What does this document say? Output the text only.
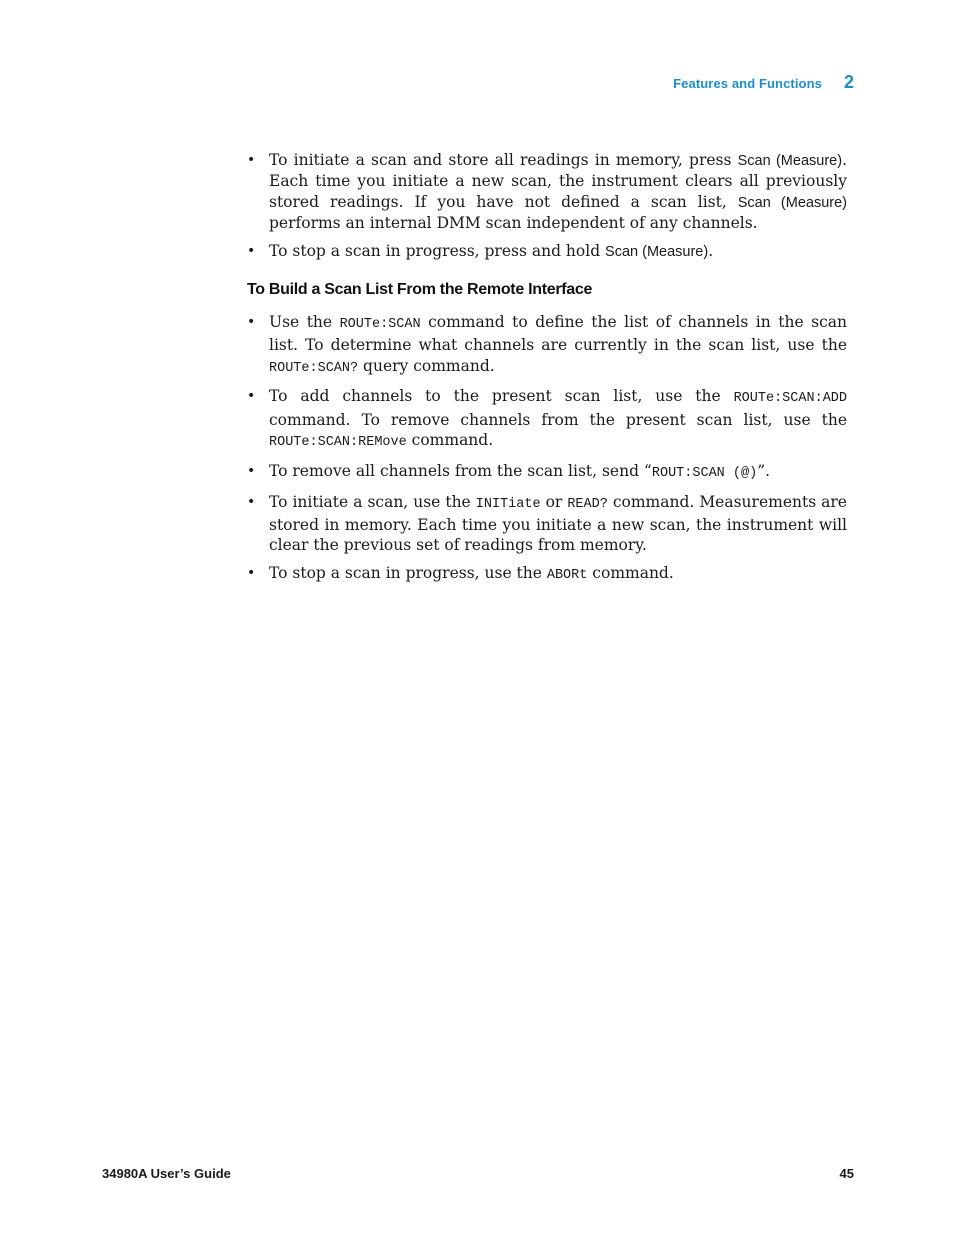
Features and Functions 2
• To initiate a scan and store all readings in memory, press Scan (Measure). Each time you initiate a new scan, the instrument clears all previously stored readings. If you have not defined a scan list, Scan (Measure) performs an internal DMM scan independent of any channels.
• To stop a scan in progress, press and hold Scan (Measure).
To Build a Scan List From the Remote Interface
• Use the ROUTe:SCAN command to define the list of channels in the scan list. To determine what channels are currently in the scan list, use the ROUTe:SCAN? query command.
• To add channels to the present scan list, use the ROUTe:SCAN:ADD command. To remove channels from the present scan list, use the ROUTe:SCAN:REMove command.
• To remove all channels from the scan list, send “ROUT:SCAN (@)”.
• To initiate a scan, use the INITiate or READ? command. Measurements are stored in memory. Each time you initiate a new scan, the instrument will clear the previous set of readings from memory.
• To stop a scan in progress, use the ABORt command.
34980A User’s Guide	45
